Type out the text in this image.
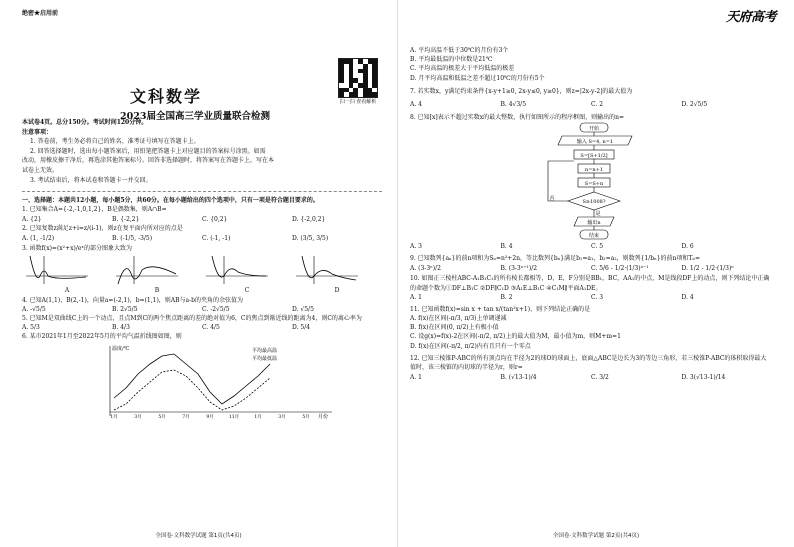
绝密★启用前
2023届全国高三学业质量联合检测
文科数学	扫一扫 查看解析
本试卷4页。总分150分。考试时间120分钟。
注意事项：
1. 答卷前，考生务必将自己的姓名、准考证号填写在答题卡上。
2. 回答选择题时，选出每小题答案后，用铅笔把答题卡上对应题目的答案标号涂黑。如需
改动，用橡皮擦干净后，再选涂其他答案标号。回答非选择题时，将答案写在答题卡上，写在本
试卷上无效。
3. 考试结束后，将本试卷和答题卡一并交回。
一、选择题：本题共12小题，每小题5分，共60分。在每小题给出的四个选项中，只有一项是符合题目要求的。
1. 已知集合A={-2,-1,0,1,2}，B是偶数集，则A∩B=
A. {2}	B. {-2,2}	C. {0,2}	D. {-2,0,2}
2. 已知复数z满足z+i=z/(i-1)，则z在复平面内所对应的点是
A. (1, -1/2)	B. (-1/5, -3/5)	C. (-1, -1)	D. (3/5, 3/5)
3. 函数f(x)=(x²+x)/eˣ的部分图象大致为
A	B	C	D
4. 已知A(1,1)，B(2,-1)，向量a=(-2,1)，b=(1,1)，则AB与a-b的夹角的余弦值为
A. -√5/5	B. 2√5/5	C. -2√5/5	D. √5/5
5. 已知M是双曲线C上的一个动点，且点M到C的两个焦点距离的差的绝对值为6，C的焦点到渐近线的距离为4，则C的离心率为
A. 5/3	B. 4/3	C. 4/5	D. 5/4
6. 某市2021年1月至2022年5月的平均气温折线图如图，则
温度/℃
月份
平均最高温
平均最低温
1月	3月	5月	7月	9月	11月	1月	3月	5月
全国卷·文科数学试题 第1页(共4页)
天府高考
A. 平均高温不低于30℃的月份有3个
B. 平均最低温的中位数是21℃
C. 平均高温的极差大于平均低温的极差
D. 月平均高温和低温之差不超过10℃的月份有5个
7. 若实数x，y满足约束条件{x-y+1≥0, 2x-y≤0, y≥0}，则z=|2x-y-2|的最大值为
A. 4	B. 4√3/5	C. 2	D. 2√5/5
8. 已知[x]表示不超过实数x的最大整数，执行如图所示的程序框图，则输出的n=
开始
输入 S=4, n=1
S=[S+1/2]
n=n+1
S=S+n
S≥1008?
否
是
输出n
结束
A. 3	B. 4	C. 5	D. 6
9. 已知数列{aₙ}的前n项和为Sₙ=n²+2n，等比数列{bₙ}满足b₁=a₁，b₂=a₂，则数列{1/bₙ}的前n项和Tₙ=
A. (3-3ⁿ)/2	B. (3-3ⁿ⁺¹)/2	C. 5/6 - 1/2·(1/3)ⁿ⁻¹	D. 1/2 - 1/2·(1/3)ⁿ
10. 如图正三棱柱ABC-A₁B₁C₁的所有棱长都相等，D，E，F分别是BB₁，BC，AA₁的中点，M是线段DF上的动点，则下列结论中正确的命题个数为①DF⊥B₁C ②DF∥C₁D ③A₁E⊥B₁C ④C₁M∥平面A₁DE。
A. 1	B. 2	C. 3	D. 4
11. 已知函数f(x)=sin x + tan x/(tan²x+1)，则下列结论正确的是
A. f(x)在区间(-π/3, π/3)上单调递减
B. f(x)在区间(0, π/2)上有极小值
C. 设g(x)=f(x)-2在区间(-π/2, π/2)上的最大值为M，最小值为m，则M+m=1
D. f(x)在区间(-π/2, π/2)内有且只有一个零点
12. 已知三棱锥P-ABC的所有顶点均在半径为2的球O的球面上，底面△ABC是边长为3的等边三角形，若三棱锥P-ABC的体积取得最大值时，该三棱锥的内切球的半径为r，则r=
A. 1	B. (√13-1)/4	C. 3/2	D. 3(√13-1)/14
全国卷·文科数学试题 第2页(共4页)
